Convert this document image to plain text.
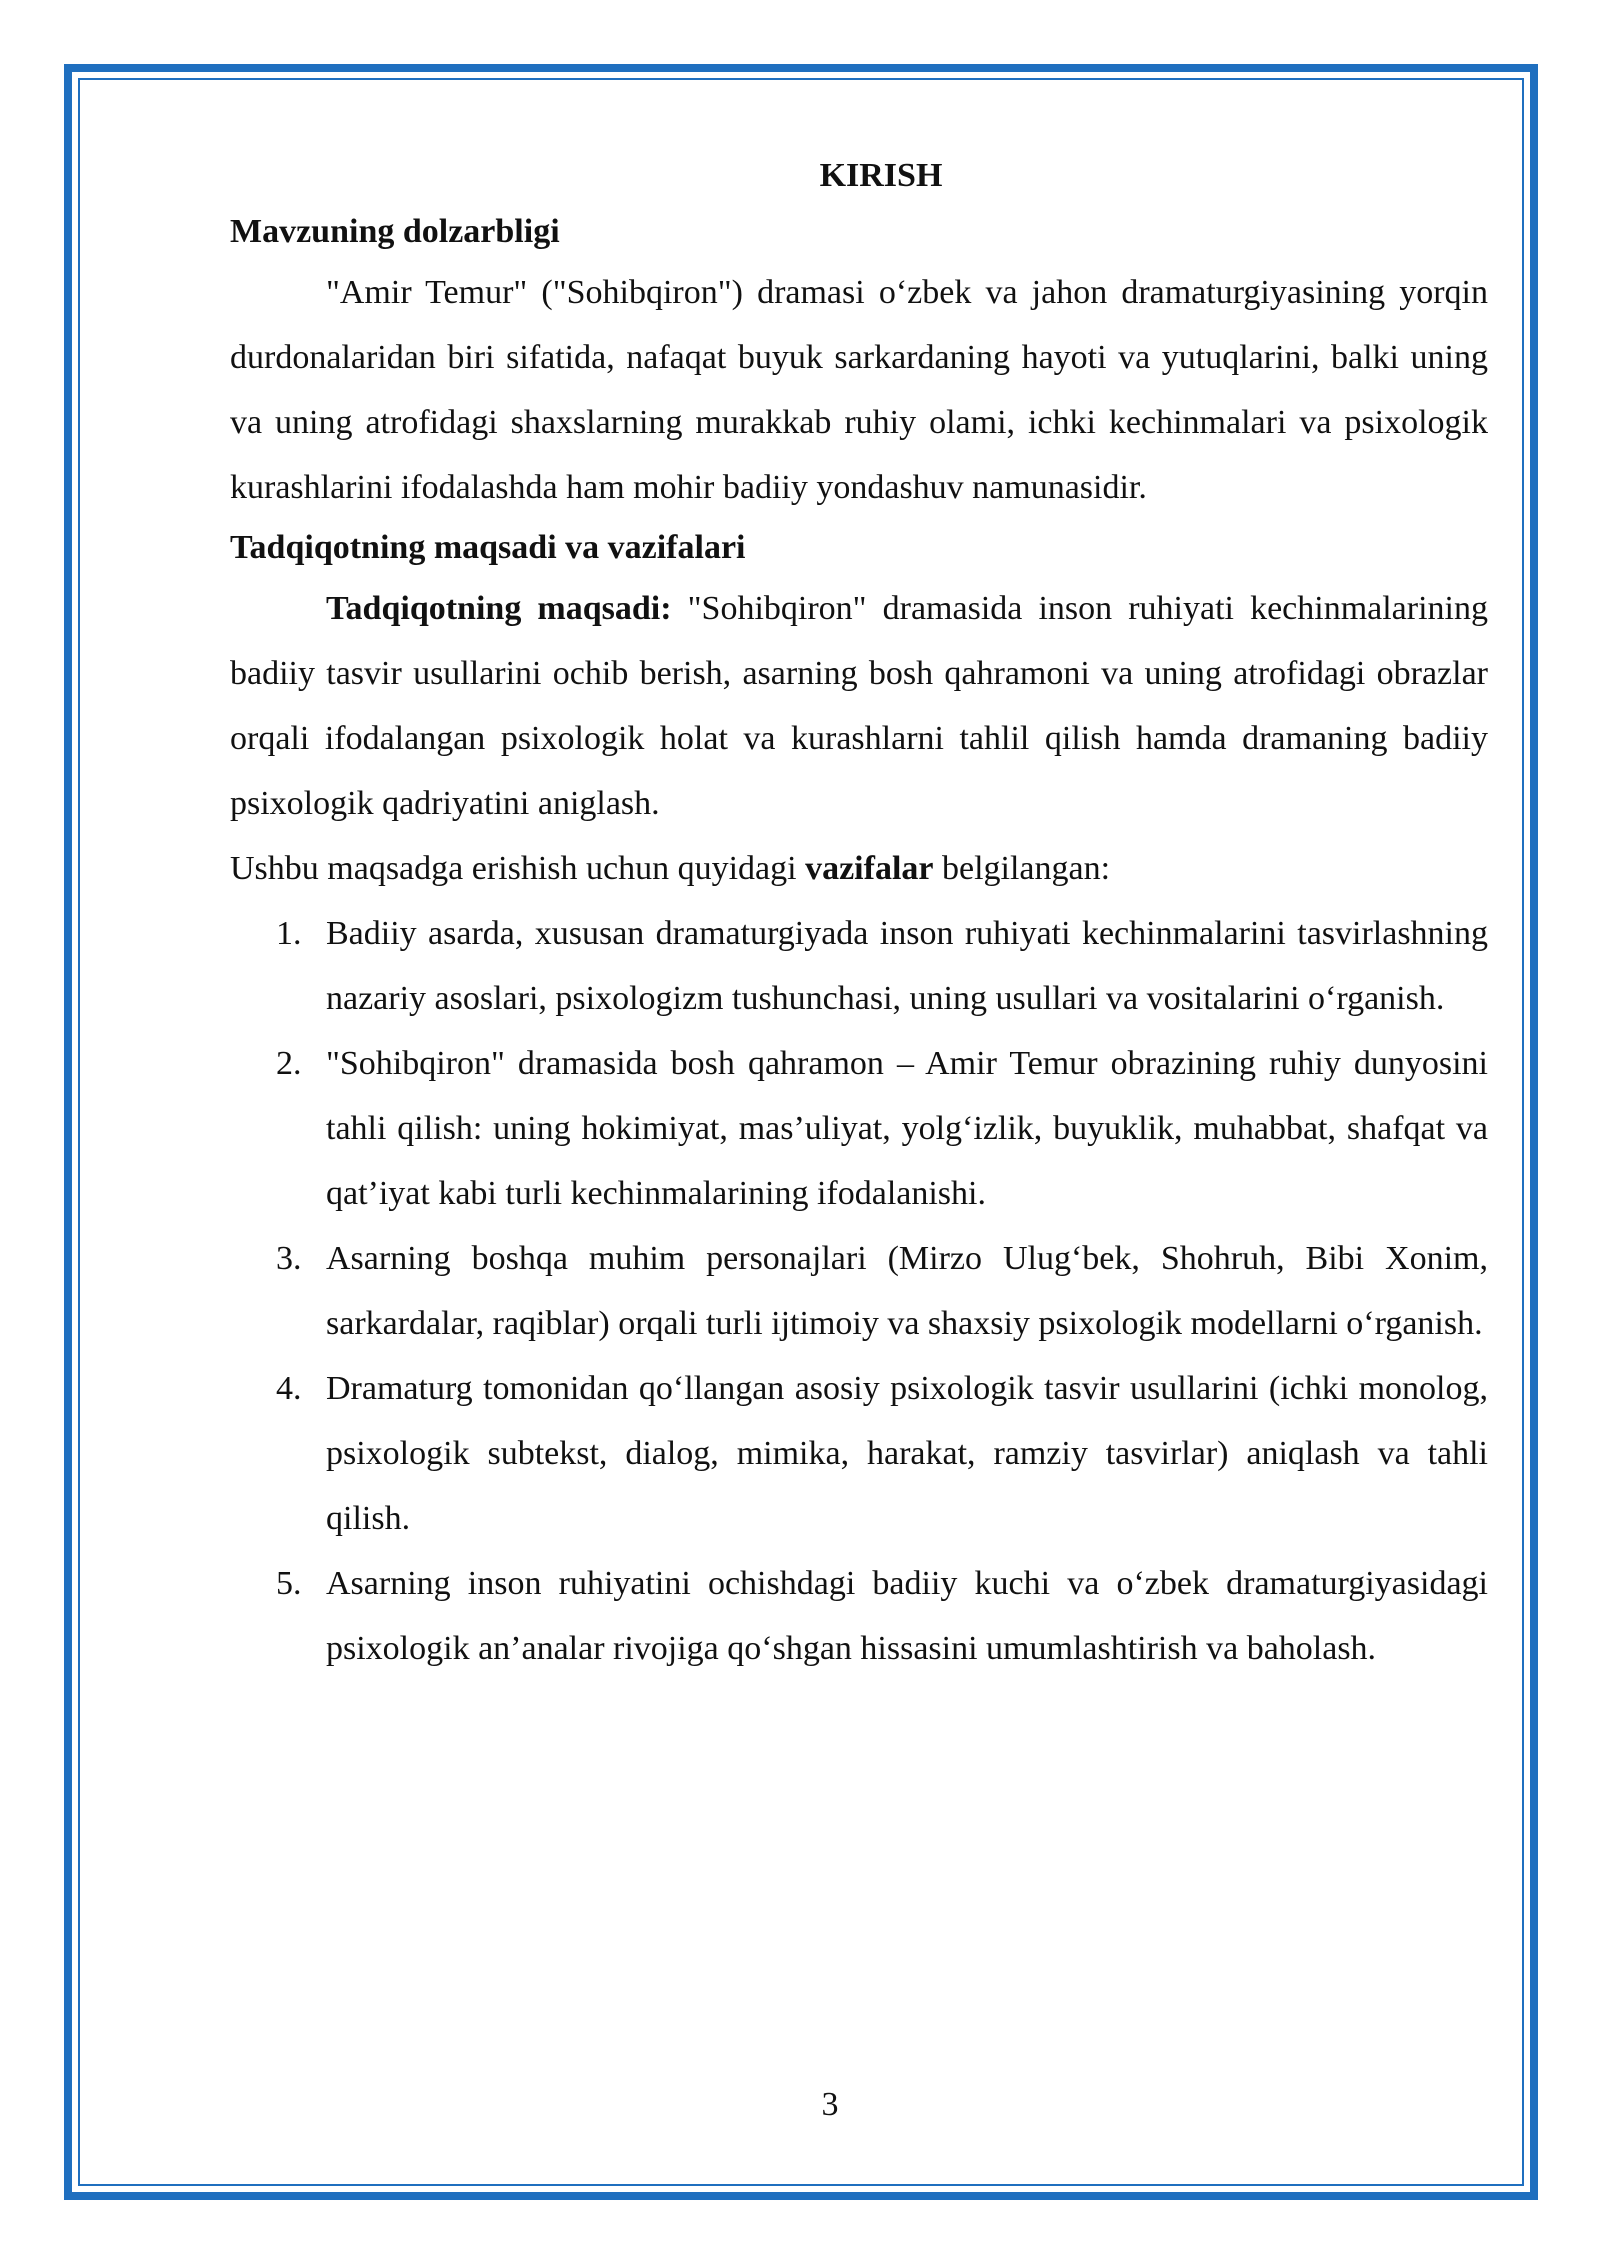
KIRISH

Mavzuning dolzarbligi

"Amir Temur" ("Sohibqiron") dramasi o‘zbek va jahon dramaturgiyasining yorqin durdonalaridan biri sifatida, nafaqat buyuk sarkardaning hayoti va yutuqlarini, balki uning va uning atrofidagi shaxslarning murakkab ruhiy olami, ichki kechinmalari va psixologik kurashlarini ifodalashda ham mohir badiiy yondashuv namunasidir.

Tadqiqotning maqsadi va vazifalari

Tadqiqotning maqsadi: "Sohibqiron" dramasida inson ruhiyati kechinmalarining badiiy tasvir usullarini ochib berish, asarning bosh qahramoni va uning atrofidagi obrazlar orqali ifodalangan psixologik holat va kurashlarni tahlil qilish hamda dramaning badiiy psixologik qadriyatini aniglash.

Ushbu maqsadga erishish uchun quyidagi vazifalar belgilangan:

1. Badiiy asarda, xususan dramaturgiyada inson ruhiyati kechinmalarini tasvirlashning nazariy asoslari, psixologizm tushunchasi, uning usullari va vositalarini o‘rganish.
2. "Sohibqiron" dramasida bosh qahramon – Amir Temur obrazining ruhiy dunyosini tahli qilish: uning hokimiyat, mas’uliyat, yolg‘izlik, buyuklik, muhabbat, shafqat va qat’iyat kabi turli kechinmalarining ifodalanishi.
3. Asarning boshqa muhim personajlari (Mirzo Ulug‘bek, Shohruh, Bibi Xonim, sarkardalar, raqiblar) orqali turli ijtimoiy va shaxsiy psixologik modellarni o‘rganish.
4. Dramaturg tomonidan qo‘llangan asosiy psixologik tasvir usullarini (ichki monolog, psixologik subtekst, dialog, mimika, harakat, ramziy tasvirlar) aniqlash va tahli qilish.
5. Asarning inson ruhiyatini ochishdagi badiiy kuchi va o‘zbek dramaturgiyasidagi psixologik an’analar rivojiga qo‘shgan hissasini umumlashtirish va baholash.
3
